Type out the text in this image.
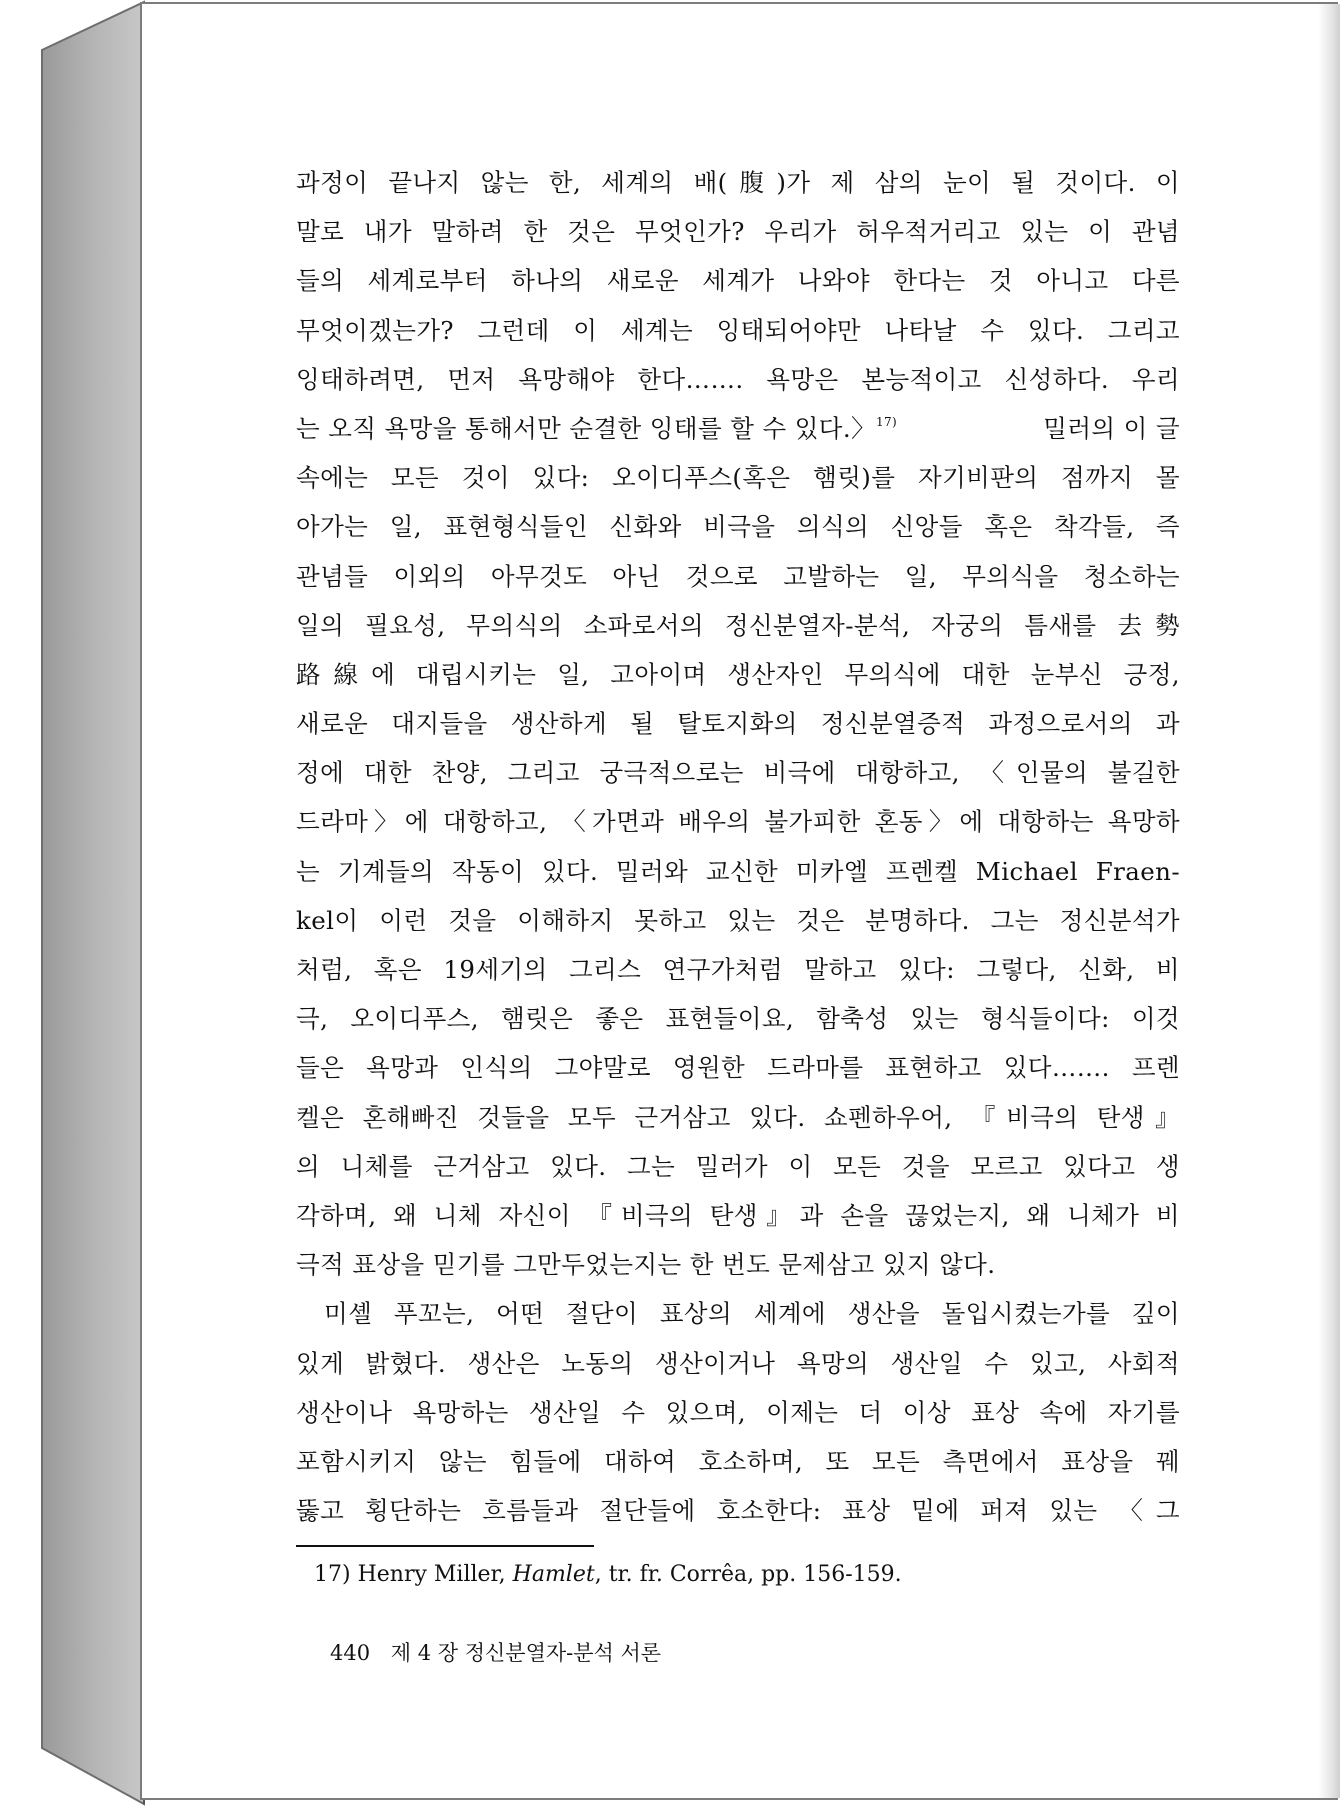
과정이 끝나지 않는 한, 세계의 배(腹)가 제 삼의 눈이 될 것이다. 이
말로 내가 말하려 한 것은 무엇인가? 우리가 허우적거리고 있는 이 관념
들의 세계로부터 하나의 새로운 세계가 나와야 한다는 것 아니고 다른
무엇이겠는가? 그런데 이 세계는 잉태되어야만 나타날 수 있다. 그리고
잉태하려면, 먼저 욕망해야 한다……. 욕망은 본능적이고 신성하다. 우리
는 오직 욕망을 통해서만 순결한 잉태를 할 수 있다.〉$^{17)}$	밀러의 이 글
속에는 모든 것이 있다: 오이디푸스(혹은 햄릿)를 자기비판의 점까지 몰
아가는 일, 표현형식들인 신화와 비극을 의식의 신앙들 혹은 착각들, 즉
관념들 이외의 아무것도 아닌 것으로 고발하는 일, 무의식을 청소하는
일의 필요성, 무의식의 소파로서의 정신분열자-분석, 자궁의 틈새를 去勢
路線에 대립시키는 일, 고아이며 생산자인 무의식에 대한 눈부신 긍정,
새로운 대지들을 생산하게 될 탈토지화의 정신분열증적 과정으로서의 과
정에 대한 찬양, 그리고 궁극적으로는 비극에 대항하고, 〈인물의 불길한
드라마〉에 대항하고, 〈가면과 배우의 불가피한 혼동〉에 대항하는 욕망하
는 기계들의 작동이 있다. 밀러와 교신한 미카엘 프렌켈 Michael Fraen-
kel이 이런 것을 이해하지 못하고 있는 것은 분명하다. 그는 정신분석가
처럼, 혹은 19세기의 그리스 연구가처럼 말하고 있다: 그렇다, 신화, 비
극, 오이디푸스, 햄릿은 좋은 표현들이요, 함축성 있는 형식들이다: 이것
들은 욕망과 인식의 그야말로 영원한 드라마를 표현하고 있다……. 프렌
켈은 혼해빠진 것들을 모두 근거삼고 있다. 쇼펜하우어, 『비극의 탄생』
의 니체를 근거삼고 있다. 그는 밀러가 이 모든 것을 모르고 있다고 생
각하며, 왜 니체 자신이 『비극의 탄생』과 손을 끊었는지, 왜 니체가 비
극적 표상을 믿기를 그만두었는지는 한 번도 문제삼고 있지 않다.
미셸 푸꼬는, 어떤 절단이 표상의 세계에 생산을 돌입시켰는가를 깊이
있게 밝혔다. 생산은 노동의 생산이거나 욕망의 생산일 수 있고, 사회적
생산이나 욕망하는 생산일 수 있으며, 이제는 더 이상 표상 속에 자기를
포함시키지 않는 힘들에 대하여 호소하며, 또 모든 측면에서 표상을 꿰
뚫고 횡단하는 흐름들과 절단들에 호소한다: 표상 밑에 퍼져 있는 〈그
17) Henry Miller, Hamlet, tr. fr. Corrêa, pp. 156-159.
440 제 4 장 정신분열자-분석 서론
